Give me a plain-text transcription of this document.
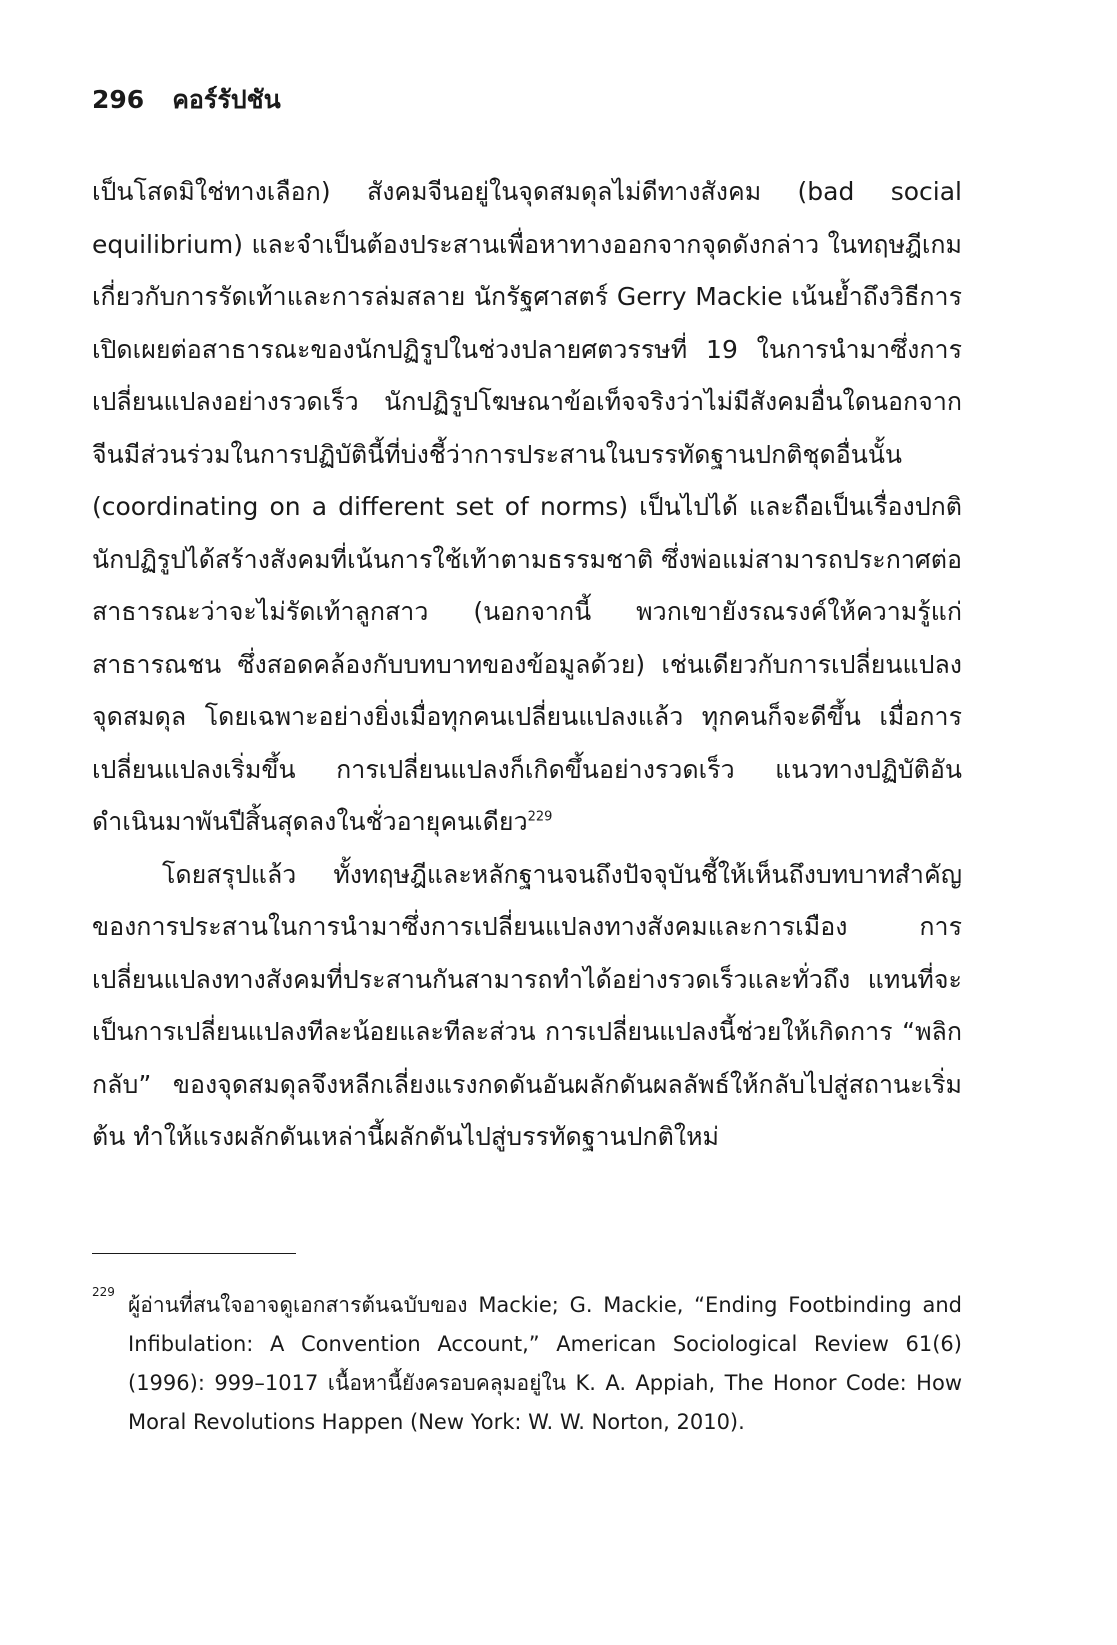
296 คอร์รัปชัน

เป็นโสดมิใช่ทางเลือก) สังคมจีนอยู่ในจุดสมดุลไม่ดีทางสังคม (bad social equilibrium) และจำเป็นต้องประสานเพื่อหาทางออกจากจุดดังกล่าว ในทฤษฎีเกมเกี่ยวกับการรัดเท้าและการล่มสลาย นักรัฐศาสตร์ Gerry Mackie เน้นย้ำถึงวิธีการเปิดเผยต่อสาธารณะของนักปฏิรูปในช่วงปลายศตวรรษที่ 19 ในการนำมาซึ่งการเปลี่ยนแปลงอย่างรวดเร็ว นักปฏิรูปโฆษณาข้อเท็จจริงว่าไม่มีสังคมอื่นใดนอกจากจีนมีส่วนร่วมในการปฏิบัตินี้ที่บ่งชี้ว่าการประสานในบรรทัดฐานปกติชุดอื่นนั้น (coordinating on a different set of norms) เป็นไปได้ และถือเป็นเรื่องปกติ นักปฏิรูปได้สร้างสังคมที่เน้นการใช้เท้าตามธรรมชาติ ซึ่งพ่อแม่สามารถประกาศต่อสาธารณะว่าจะไม่รัดเท้าลูกสาว (นอกจากนี้ พวกเขายังรณรงค์ให้ความรู้แก่สาธารณชน ซึ่งสอดคล้องกับบทบาทของข้อมูลด้วย) เช่นเดียวกับการเปลี่ยนแปลงจุดสมดุล โดยเฉพาะอย่างยิ่งเมื่อทุกคนเปลี่ยนแปลงแล้ว ทุกคนก็จะดีขึ้น เมื่อการเปลี่ยนแปลงเริ่มขึ้น การเปลี่ยนแปลงก็เกิดขึ้นอย่างรวดเร็ว แนวทางปฏิบัติอันดำเนินมาพันปีสิ้นสุดลงในชั่วอายุคนเดียว$^{229}$

โดยสรุปแล้ว ทั้งทฤษฎีและหลักฐานจนถึงปัจจุบันชี้ให้เห็นถึงบทบาทสำคัญของการประสานในการนำมาซึ่งการเปลี่ยนแปลงทางสังคมและการเมือง การเปลี่ยนแปลงทางสังคมที่ประสานกันสามารถทำได้อย่างรวดเร็วและทั่วถึง แทนที่จะเป็นการเปลี่ยนแปลงทีละน้อยและทีละส่วน การเปลี่ยนแปลงนี้ช่วยให้เกิดการ “พลิกกลับ” ของจุดสมดุลจึงหลีกเลี่ยงแรงกดดันอันผลักดันผลลัพธ์ให้กลับไปสู่สถานะเริ่มต้น ทำให้แรงผลักดันเหล่านี้ผลักดันไปสู่บรรทัดฐานปกติใหม่

229
ผู้อ่านที่สนใจอาจดูเอกสารต้นฉบับของ Mackie; G. Mackie, “Ending Footbinding and Infibulation: A Convention Account,” American Sociological Review 61(6) (1996): 999–1017 เนื้อหานี้ยังครอบคลุมอยู่ใน K. A. Appiah, The Honor Code: How Moral Revolutions Happen (New York: W. W. Norton, 2010).
